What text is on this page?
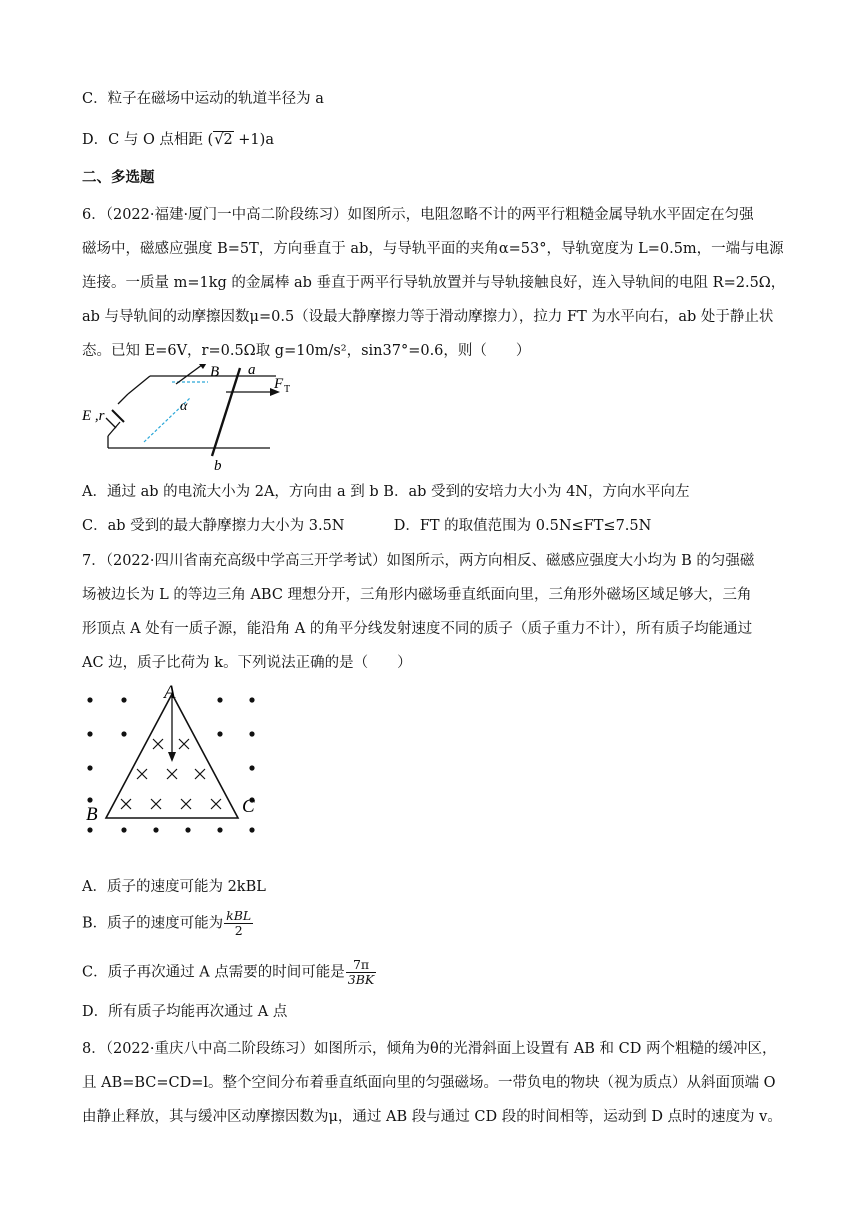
C．粒子在磁场中运动的轨道半径为 a
D．C 与 O 点相距 (√2 +1)a
二、多选题
6．（2022·福建·厦门一中高二阶段练习）如图所示，电阻忽略不计的两平行粗糙金属导轨水平固定在匀强
磁场中，磁感应强度 B=5T，方向垂直于 ab，与导轨平面的夹角α=53°，导轨宽度为 L=0.5m，一端与电源
连接。一质量 m=1kg 的金属棒 ab 垂直于两平行导轨放置并与导轨接触良好，连入导轨间的电阻 R=2.5Ω，
ab 与导轨间的动摩擦因数μ=0.5（设最大静摩擦力等于滑动摩擦力），拉力 FT 为水平向右，ab 处于静止状
态。已知 E=6V，r=0.5Ω取 g=10m/s²，sin37°=0.6，则（　　）
B a
α
F T
E ,r
b
A．通过 ab 的电流大小为 2A，方向由 a 到 b B．ab 受到的安培力大小为 4N，方向水平向左
C．ab 受到的最大静摩擦力大小为 3.5N	D．FT 的取值范围为 0.5N≤FT≤7.5N
7．（2022·四川省南充高级中学高三开学考试）如图所示，两方向相反、磁感应强度大小均为 B 的匀强磁
场被边长为 L 的等边三角 ABC 理想分开，三角形内磁场垂直纸面向里，三角形外磁场区域足够大，三角
形顶点 A 处有一质子源，能沿角 A 的角平分线发射速度不同的质子（质子重力不计），所有质子均能通过
AC 边，质子比荷为 k。下列说法正确的是（　　）
A
B	C
A．质子的速度可能为 2kBL
B．质子的速度可能为 $\frac{\text{kBL}}{2}$
C．质子再次通过 A 点需要的时间可能是 $\frac{7\pi}{3BK}$
D．所有质子均能再次通过 A 点
8．（2022·重庆八中高二阶段练习）如图所示，倾角为θ的光滑斜面上设置有 AB 和 CD 两个粗糙的缓冲区，
且 AB=BC=CD=l。整个空间分布着垂直纸面向里的匀强磁场。一带负电的物块（视为质点）从斜面顶端 O
由静止释放，其与缓冲区动摩擦因数为μ，通过 AB 段与通过 CD 段的时间相等，运动到 D 点时的速度为 v。
